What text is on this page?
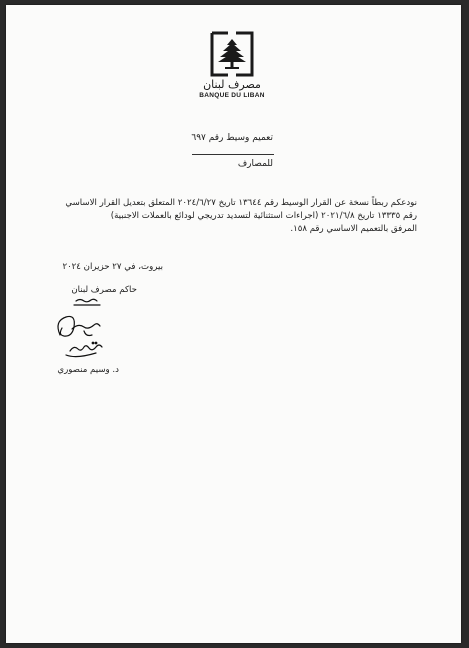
مصرف لبنان
BANQUE DU LIBAN
تعميم وسيط رقم ٦٩٧
للمصارف

نودعكم ربطاً نسخة عن القرار الوسيط رقم ١٣٦٤٤ تاريخ ٢٠٢٤/٦/٢٧ المتعلق بتعديل القرار الاساسي

رقم ١٣٣٣٥ تاريخ ٢٠٢١/٦/٨ (اجراءات استثنائية لتسديد تدريجي لودائع بالعملات الاجنبية)

المرفق بالتعميم الاساسي رقم ١٥٨.

بيروت، في ٢٧ حزيران ٢٠٢٤
حاكم مصرف لبنان
د. وسيم منصوري
